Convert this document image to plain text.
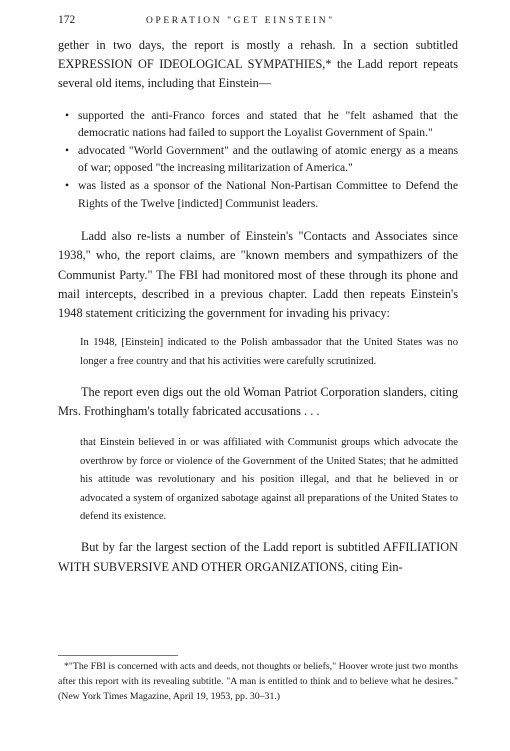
172	OPERATION "GET EINSTEIN"

gether in two days, the report is mostly a rehash. In a section subtitled EXPRESSION OF IDEOLOGICAL SYMPATHIES,* the Ladd report repeats several old items, including that Einstein—

• supported the anti-Franco forces and stated that he "felt ashamed that the democratic nations had failed to support the Loyalist Government of Spain."
• advocated "World Government" and the outlawing of atomic energy as a means of war; opposed "the increasing militarization of America."
• was listed as a sponsor of the National Non-Partisan Committee to Defend the Rights of the Twelve [indicted] Communist leaders.

Ladd also re-lists a number of Einstein's "Contacts and Associates since 1938," who, the report claims, are "known members and sympathizers of the Communist Party." The FBI had monitored most of these through its phone and mail intercepts, described in a previous chapter. Ladd then repeats Einstein's 1948 statement criticizing the government for invading his privacy:

In 1948, [Einstein] indicated to the Polish ambassador that the United States was no longer a free country and that his activities were carefully scrutinized.

The report even digs out the old Woman Patriot Corporation slanders, citing Mrs. Frothingham's totally fabricated accusations . . .

that Einstein believed in or was affiliated with Communist groups which advocate the overthrow by force or violence of the Government of the United States; that he admitted his attitude was revolutionary and his position illegal, and that he believed in or advocated a system of organized sabotage against all preparations of the United States to defend its existence.

But by far the largest section of the Ladd report is subtitled AFFILIATION WITH SUBVERSIVE AND OTHER ORGANIZATIONS, citing Ein-

*"The FBI is concerned with acts and deeds, not thoughts or beliefs," Hoover wrote just two months after this report with its revealing subtitle. "A man is entitled to think and to believe what he desires." (New York Times Magazine, April 19, 1953, pp. 30–31.)
